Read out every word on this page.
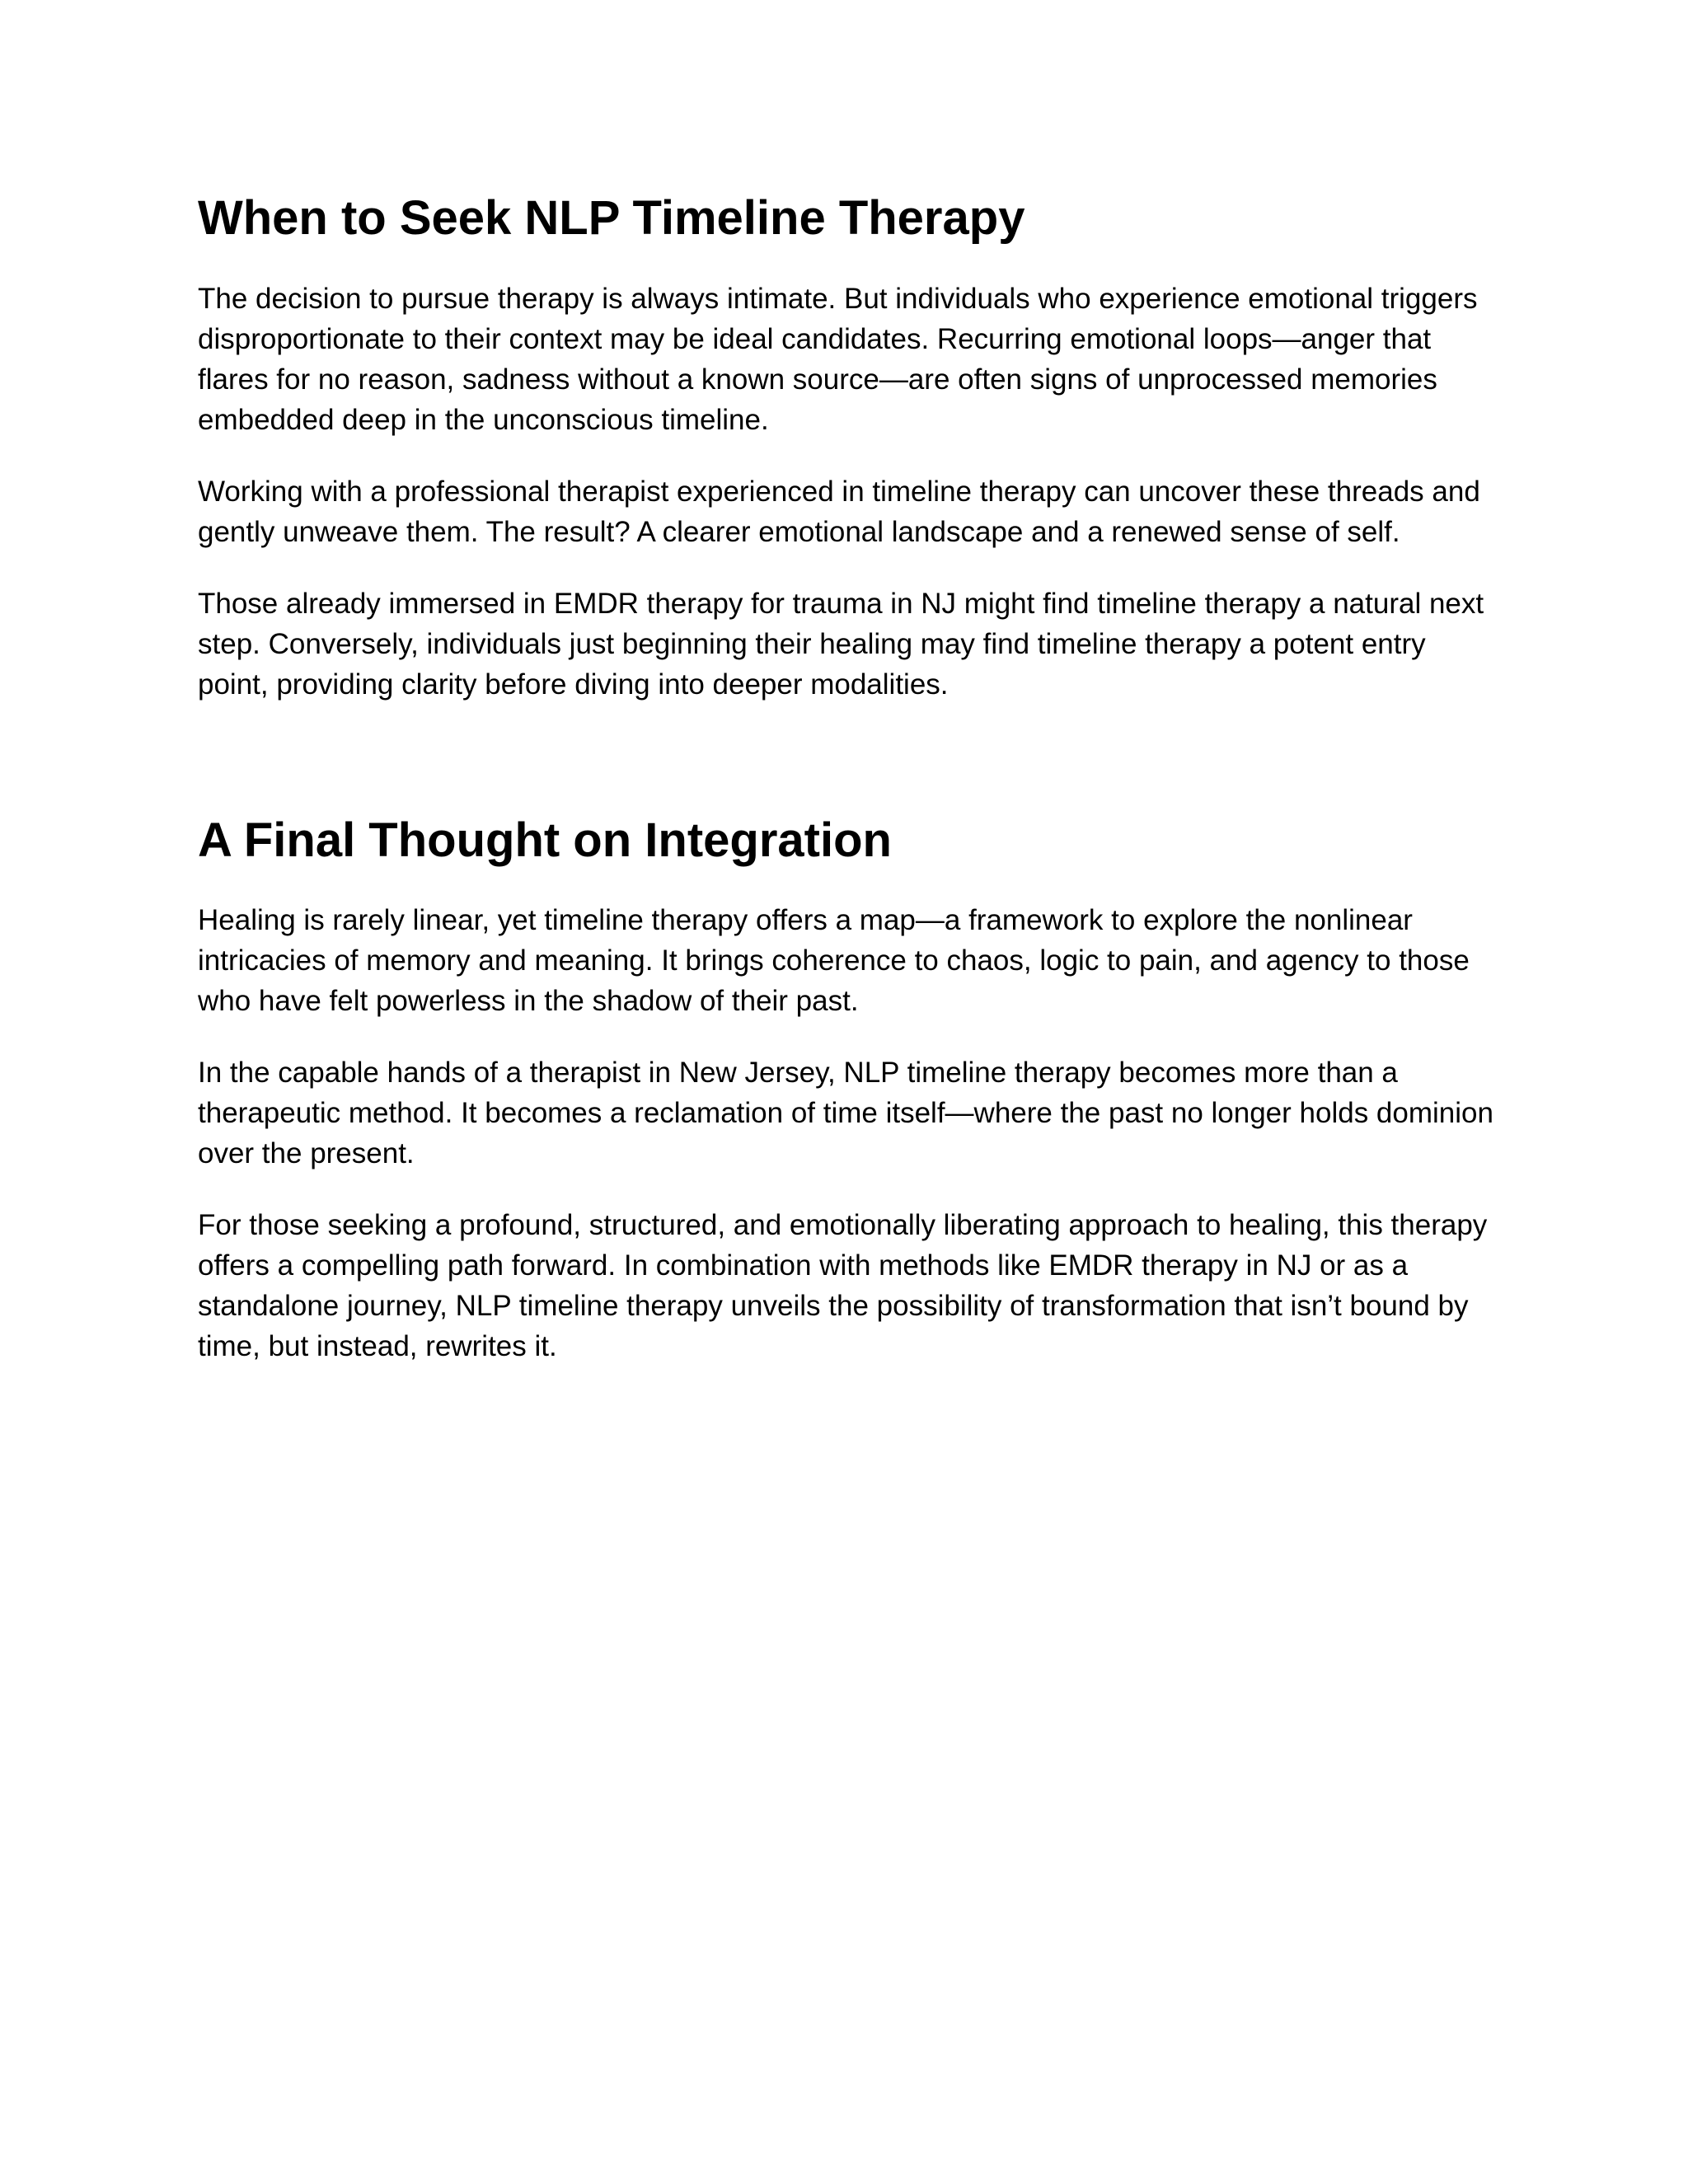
When to Seek NLP Timeline Therapy

The decision to pursue therapy is always intimate. But individuals who experience emotional triggers disproportionate to their context may be ideal candidates. Recurring emotional loops—anger that flares for no reason, sadness without a known source—are often signs of unprocessed memories embedded deep in the unconscious timeline.

Working with a professional therapist experienced in timeline therapy can uncover these threads and gently unweave them. The result? A clearer emotional landscape and a renewed sense of self.

Those already immersed in EMDR therapy for trauma in NJ might find timeline therapy a natural next step. Conversely, individuals just beginning their healing may find timeline therapy a potent entry point, providing clarity before diving into deeper modalities.

A Final Thought on Integration

Healing is rarely linear, yet timeline therapy offers a map—a framework to explore the nonlinear intricacies of memory and meaning. It brings coherence to chaos, logic to pain, and agency to those who have felt powerless in the shadow of their past.

In the capable hands of a therapist in New Jersey, NLP timeline therapy becomes more than a therapeutic method. It becomes a reclamation of time itself—where the past no longer holds dominion over the present.

For those seeking a profound, structured, and emotionally liberating approach to healing, this therapy offers a compelling path forward. In combination with methods like EMDR therapy in NJ or as a standalone journey, NLP timeline therapy unveils the possibility of transformation that isn’t bound by time, but instead, rewrites it.
